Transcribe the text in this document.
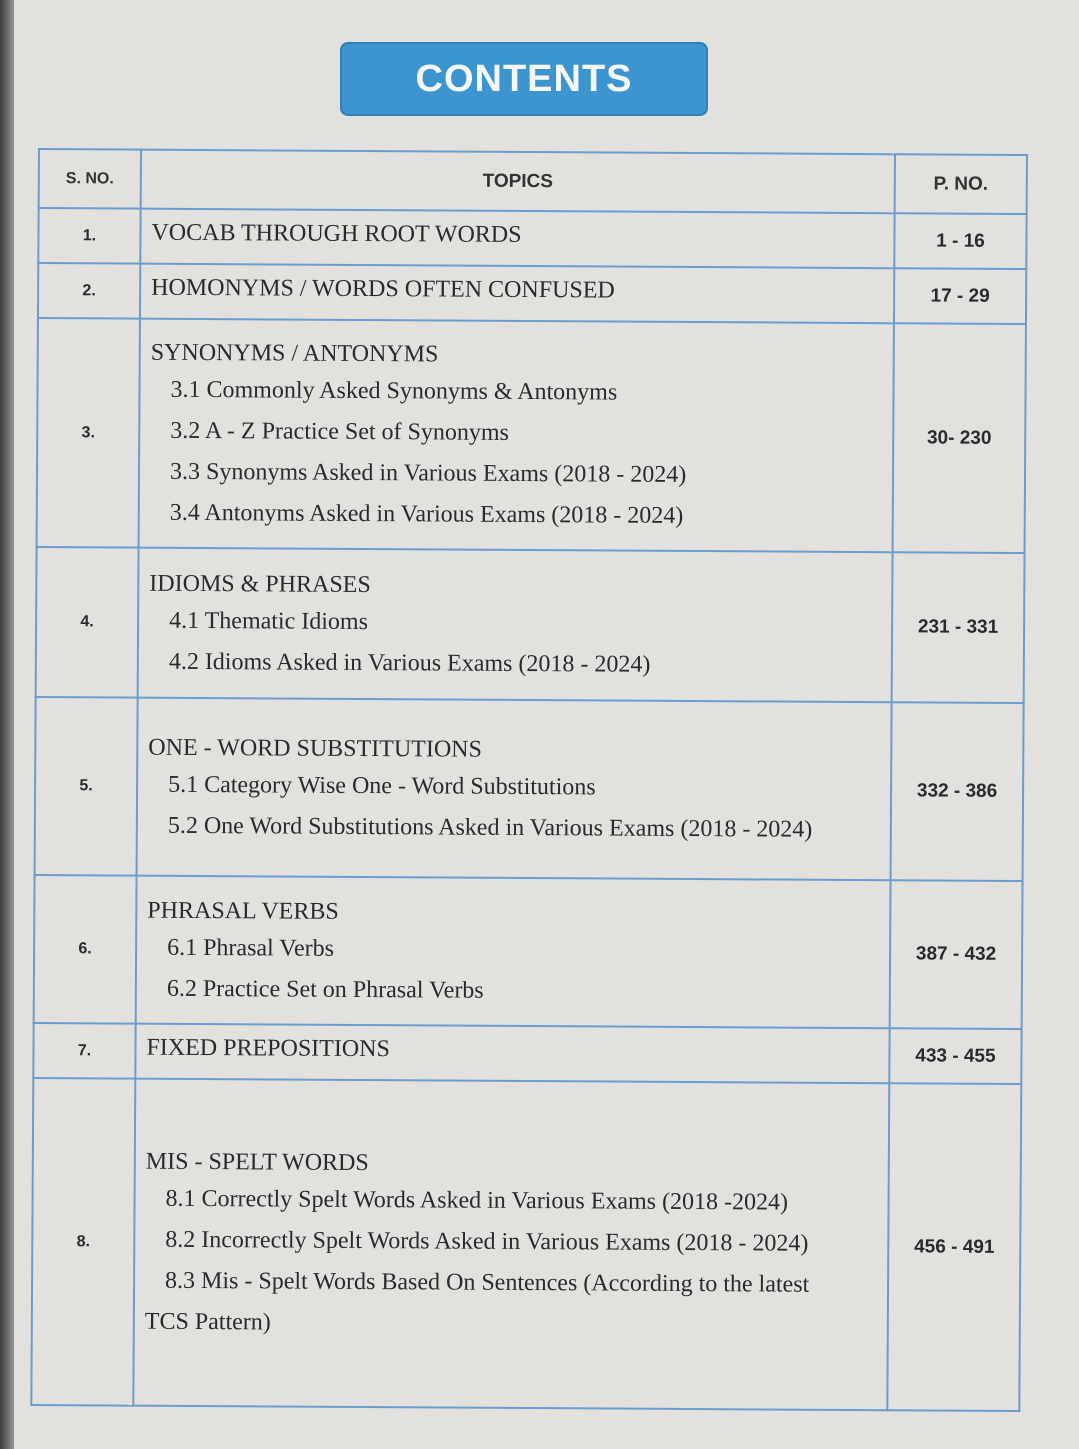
CONTENTS
S. NO.	TOPICS	P. NO.
1.	VOCAB THROUGH ROOT WORDS	1 - 16
2.	HOMONYMS / WORDS OFTEN CONFUSED	17 - 29
3.	SYNONYMS / ANTONYMS
3.1 Commonly Asked Synonyms & Antonyms
3.2 A - Z Practice Set of Synonyms
3.3 Synonyms Asked in Various Exams (2018 - 2024)
3.4 Antonyms Asked in Various Exams (2018 - 2024)	30- 230
4.	IDIOMS & PHRASES
4.1 Thematic Idioms
4.2 Idioms Asked in Various Exams (2018 - 2024)	231 - 331
5.	ONE - WORD SUBSTITUTIONS
5.1 Category Wise One - Word Substitutions
5.2 One Word Substitutions Asked in Various Exams (2018 - 2024)	332 - 386
6.	PHRASAL VERBS
6.1 Phrasal Verbs
6.2 Practice Set on Phrasal Verbs	387 - 432
7.	FIXED PREPOSITIONS	433 - 455
8.	MIS - SPELT WORDS
8.1 Correctly Spelt Words Asked in Various Exams (2018 -2024)
8.2 Incorrectly Spelt Words Asked in Various Exams (2018 - 2024)
8.3 Mis - Spelt Words Based On Sentences (According to the latest
TCS Pattern)	456 - 491
